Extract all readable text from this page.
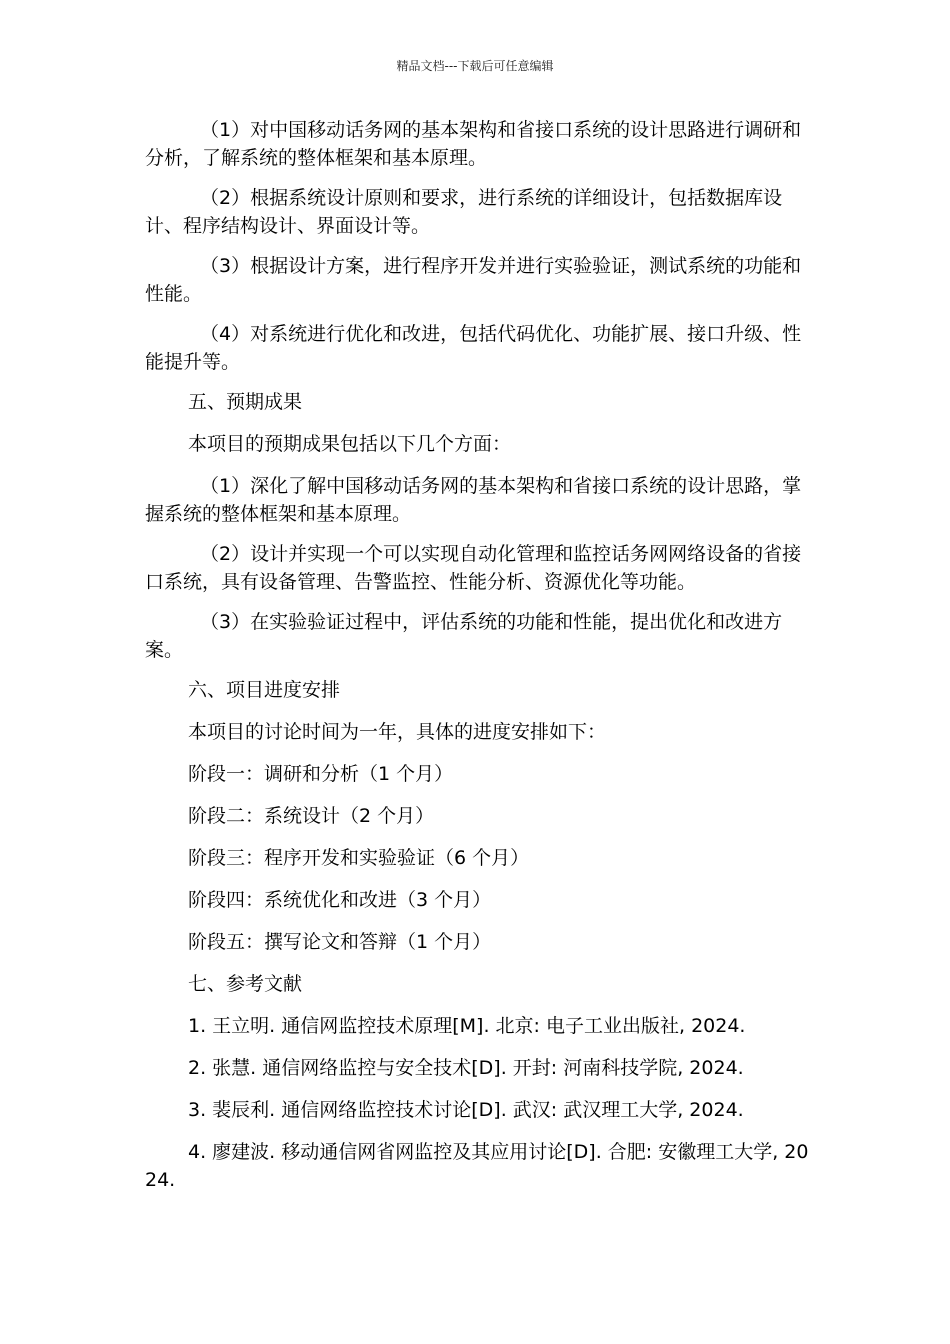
精品文档---下载后可任意编辑

（1）对中国移动话务网的基本架构和省接口系统的设计思路进行调研和分析，了解系统的整体框架和基本原理。

（2）根据系统设计原则和要求，进行系统的详细设计，包括数据库设计、程序结构设计、界面设计等。

（3）根据设计方案，进行程序开发并进行实验验证，测试系统的功能和性能。

（4）对系统进行优化和改进，包括代码优化、功能扩展、接口升级、性能提升等。

五、预期成果

本项目的预期成果包括以下几个方面：

（1）深化了解中国移动话务网的基本架构和省接口系统的设计思路，掌握系统的整体框架和基本原理。

（2）设计并实现一个可以实现自动化管理和监控话务网网络设备的省接口系统，具有设备管理、告警监控、性能分析、资源优化等功能。

（3）在实验验证过程中，评估系统的功能和性能，提出优化和改进方案。

六、项目进度安排

本项目的讨论时间为一年，具体的进度安排如下：

阶段一：调研和分析（1 个月）

阶段二：系统设计（2 个月）

阶段三：程序开发和实验验证（6 个月）

阶段四：系统优化和改进（3 个月）

阶段五：撰写论文和答辩（1 个月）

七、参考文献

1. 王立明. 通信网监控技术原理[M]. 北京: 电子工业出版社, 2024.

2. 张慧. 通信网络监控与安全技术[D]. 开封: 河南科技学院, 2024.

3. 裴辰利. 通信网络监控技术讨论[D]. 武汉: 武汉理工大学, 2024.

4. 廖建波. 移动通信网省网监控及其应用讨论[D]. 合肥: 安徽理工大学, 2024.
